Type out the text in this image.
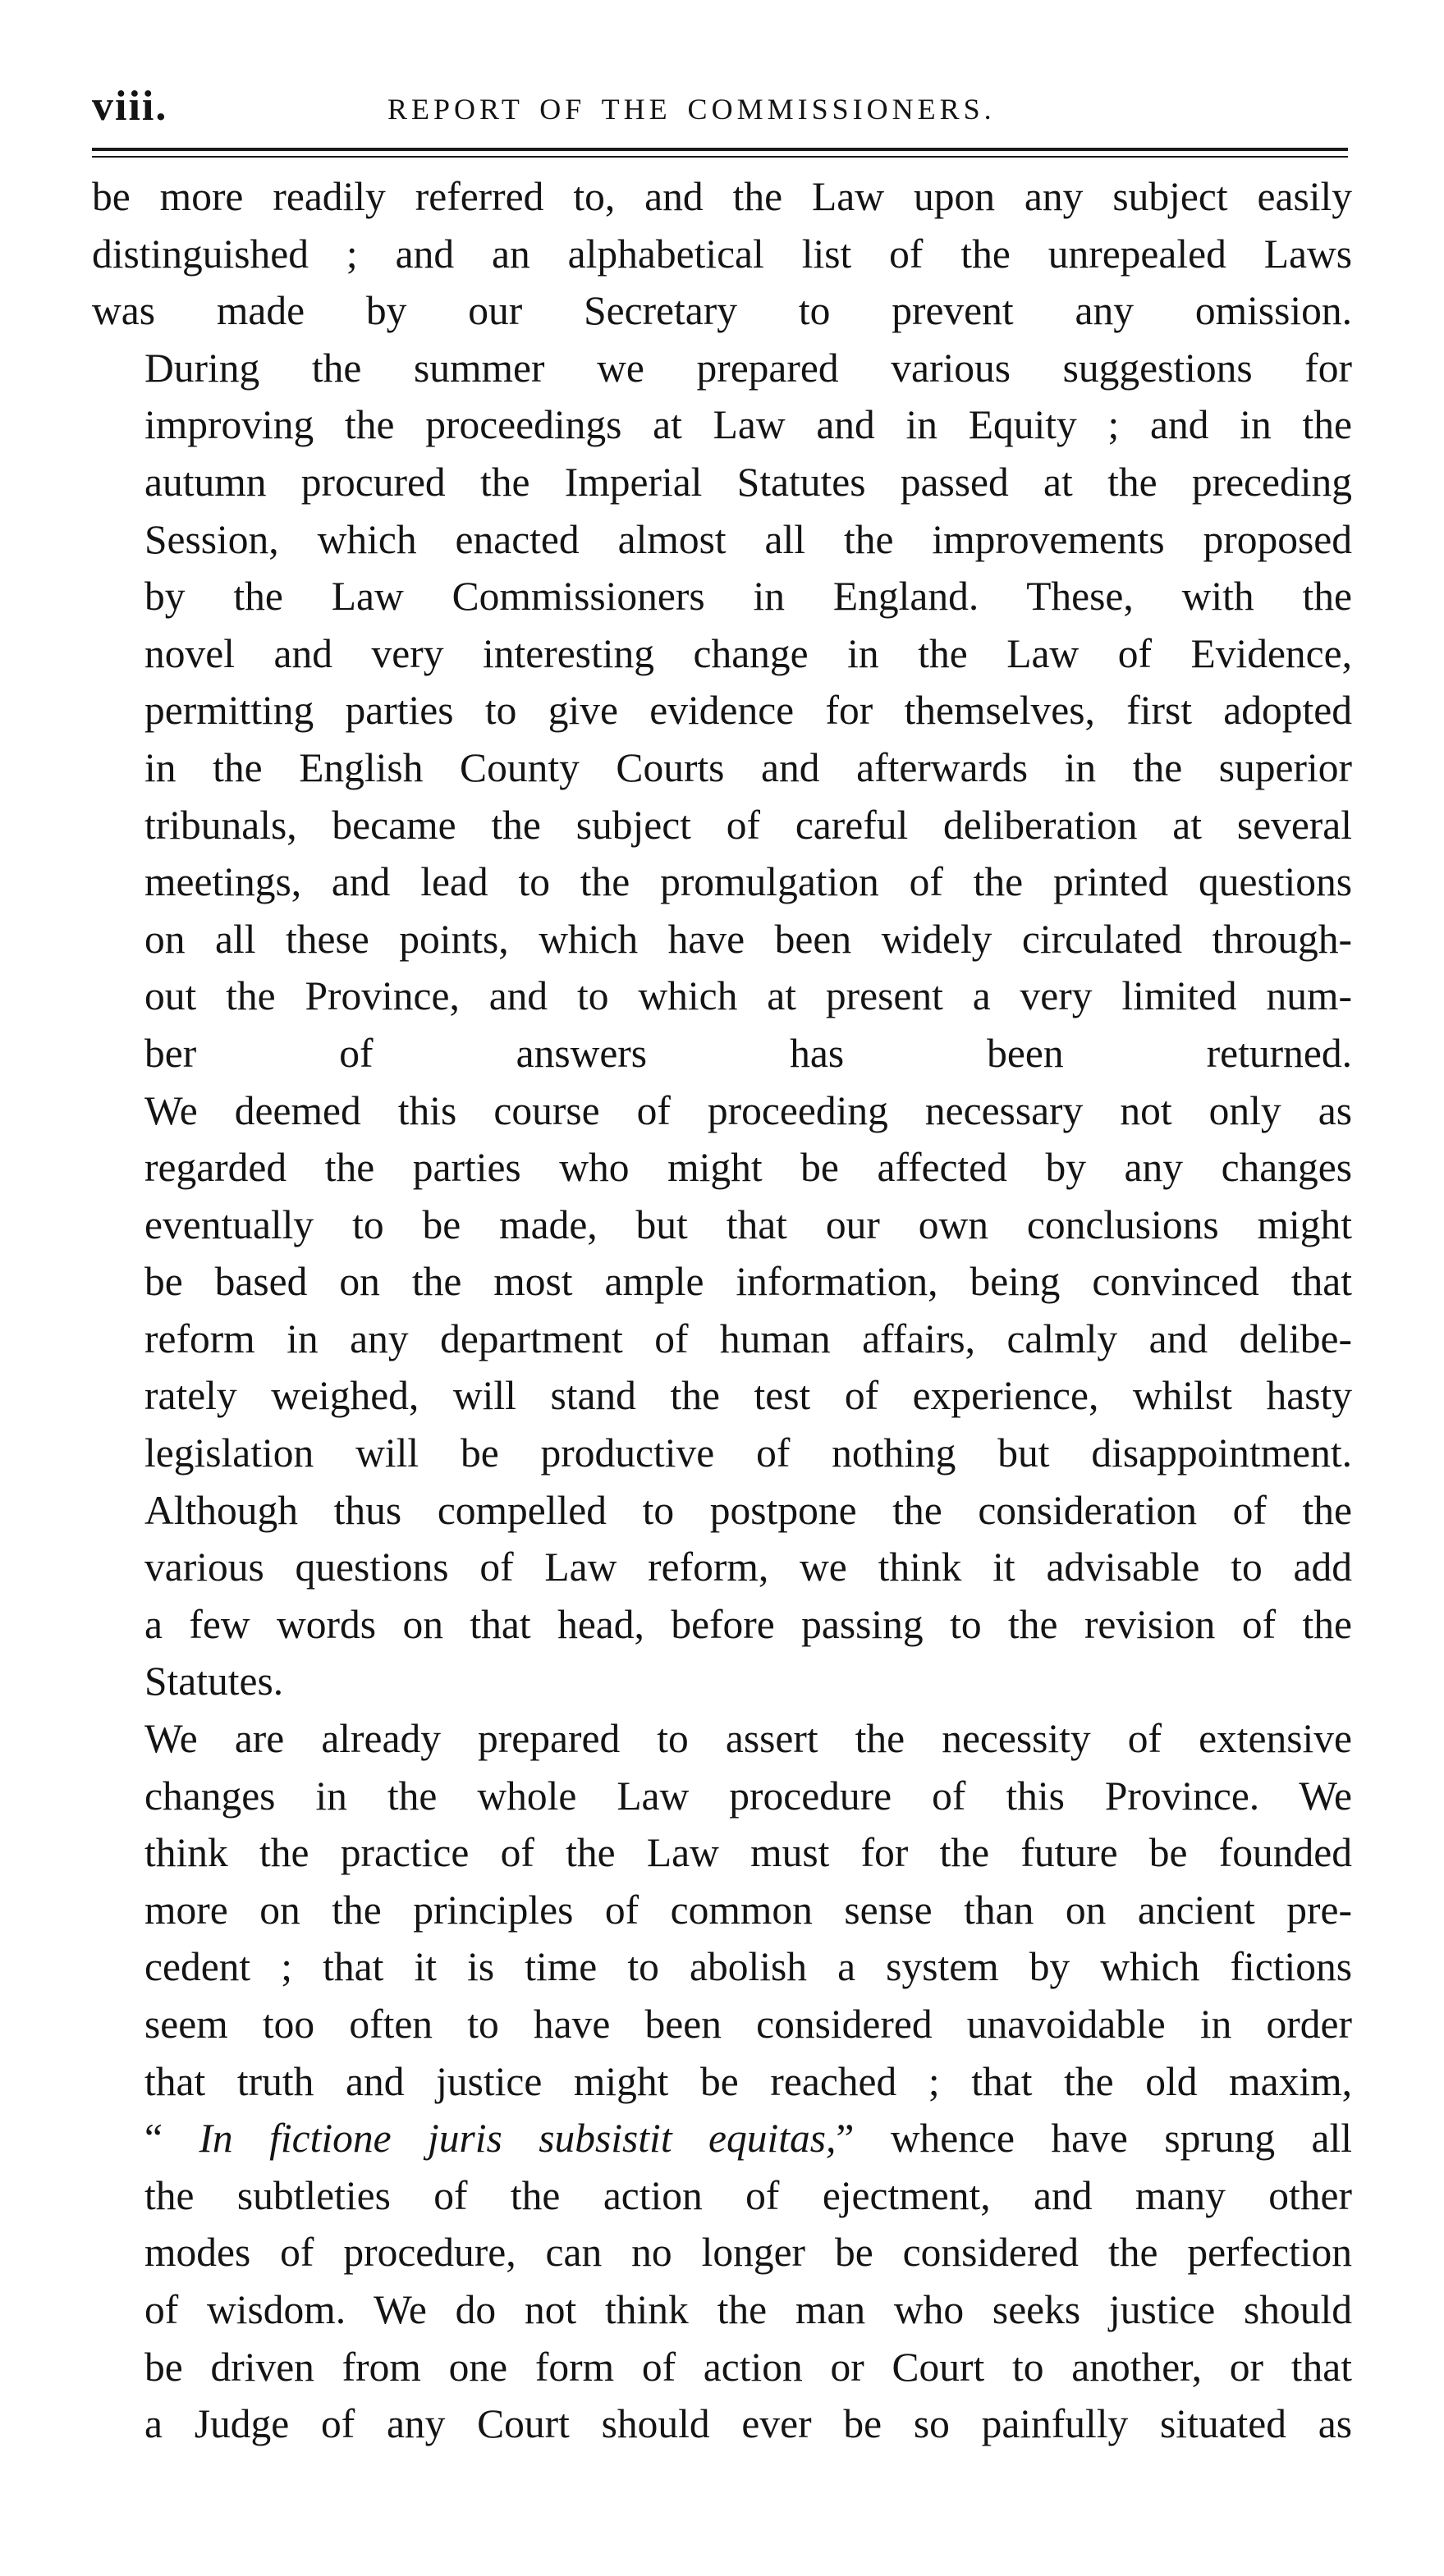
viii.	REPORT OF THE COMMISSIONERS.

be more readily referred to, and the Law upon any subject easily
distinguished ; and an alphabetical list of the unrepealed Laws
was made by our Secretary to prevent any omission.

During the summer we prepared various suggestions for
improving the proceedings at Law and in Equity ; and in the
autumn procured the Imperial Statutes passed at the preceding
Session, which enacted almost all the improvements proposed
by the Law Commissioners in England. These, with the
novel and very interesting change in the Law of Evidence,
permitting parties to give evidence for themselves, first adopted
in the English County Courts and afterwards in the superior
tribunals, became the subject of careful deliberation at several
meetings, and lead to the promulgation of the printed questions
on all these points, which have been widely circulated through-
out the Province, and to which at present a very limited num-
ber of answers has been returned.

We deemed this course of proceeding necessary not only as
regarded the parties who might be affected by any changes
eventually to be made, but that our own conclusions might
be based on the most ample information, being convinced that
reform in any department of human affairs, calmly and delibe-
rately weighed, will stand the test of experience, whilst hasty
legislation will be productive of nothing but disappointment.

Although thus compelled to postpone the consideration of the
various questions of Law reform, we think it advisable to add
a few words on that head, before passing to the revision of the
Statutes.

We are already prepared to assert the necessity of extensive
changes in the whole Law procedure of this Province. We
think the practice of the Law must for the future be founded
more on the principles of common sense than on ancient pre-
cedent ; that it is time to abolish a system by which fictions
seem too often to have been considered unavoidable in order
that truth and justice might be reached ; that the old maxim,
“ In fictione juris subsistit equitas,” whence have sprung all
the subtleties of the action of ejectment, and many other
modes of procedure, can no longer be considered the perfection
of wisdom. We do not think the man who seeks justice should
be driven from one form of action or Court to another, or that
a Judge of any Court should ever be so painfully situated as
